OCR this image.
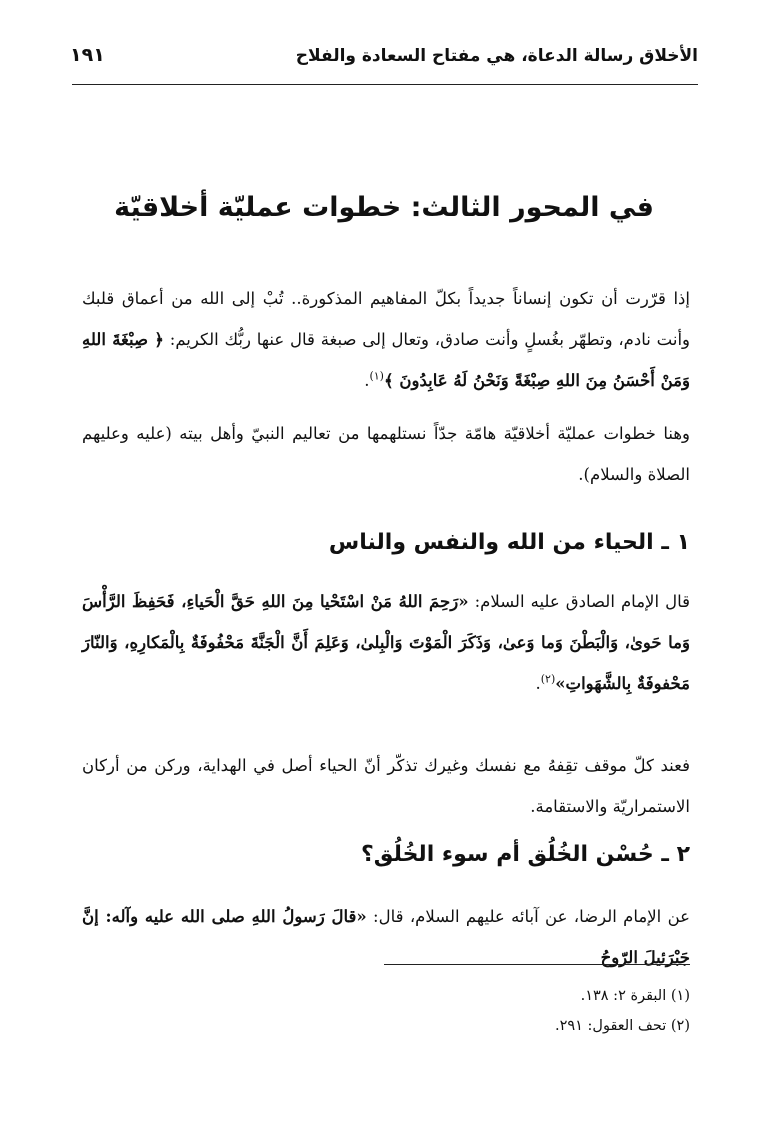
الأخلاق رسالة الدعاة، هي مفتاح السعادة والفلاح
١٩١
في المحور الثالث: خطوات عمليّة أخلاقيّة

إذا قرّرت أن تكون إنساناً جديداً بكلّ المفاهيم المذكورة.. تُبْ إلى الله من أعماق قلبك وأنت نادم، وتطهّر بغُسلٍ وأنت صادق، وتعال إلى صبغة قال عنها ربُّك الكريم: ﴿ صِبْغَةَ اللهِ وَمَنْ أَحْسَنُ مِنَ اللهِ صِبْغَةً وَنَحْنُ لَهُ عَابِدُونَ ﴾$^{(١)}$.

وهنا خطوات عمليّة أخلاقيّة هامّة جدّاً نستلهمها من تعاليم النبيّ وأهل بيته (عليه وعليهم الصلاة والسلام).

١ ـ الحياء من الله والنفس والناس

قال الإمام الصادق عليه السلام: «رَحِمَ اللهُ مَنْ اسْتَحْيا مِنَ اللهِ حَقَّ الْحَياءِ، فَحَفِظَ الرَّأْسَ وَما حَوىٰ، وَالْبَطْنَ وَما وَعىٰ، وَذَكَرَ الْمَوْتَ وَالْبِلىٰ، وَعَلِمَ أَنَّ الْجَنَّةَ مَحْفُوفَةٌ بِالْمَكارِهِ، وَالنّارَ مَحْفوفَةٌ بِالشَّهَواتِ»$^{(٢)}$.

فعند كلّ موقف تقِفهُ مع نفسك وغيرك تذكّر أنّ الحياء أصل في الهداية، وركن من أركان الاستمراريّة والاستقامة.

٢ ـ حُسْن الخُلُق أم سوء الخُلُق؟

عن الإمام الرضا، عن آبائه عليهم السلام، قال: «قالَ رَسولُ اللهِ صلى الله عليه وآله: إنَّ جَبْرَئيلَ الرّوحُ

(١) البقرة ٢: ١٣٨.
(٢) تحف العقول: ٢٩١.
